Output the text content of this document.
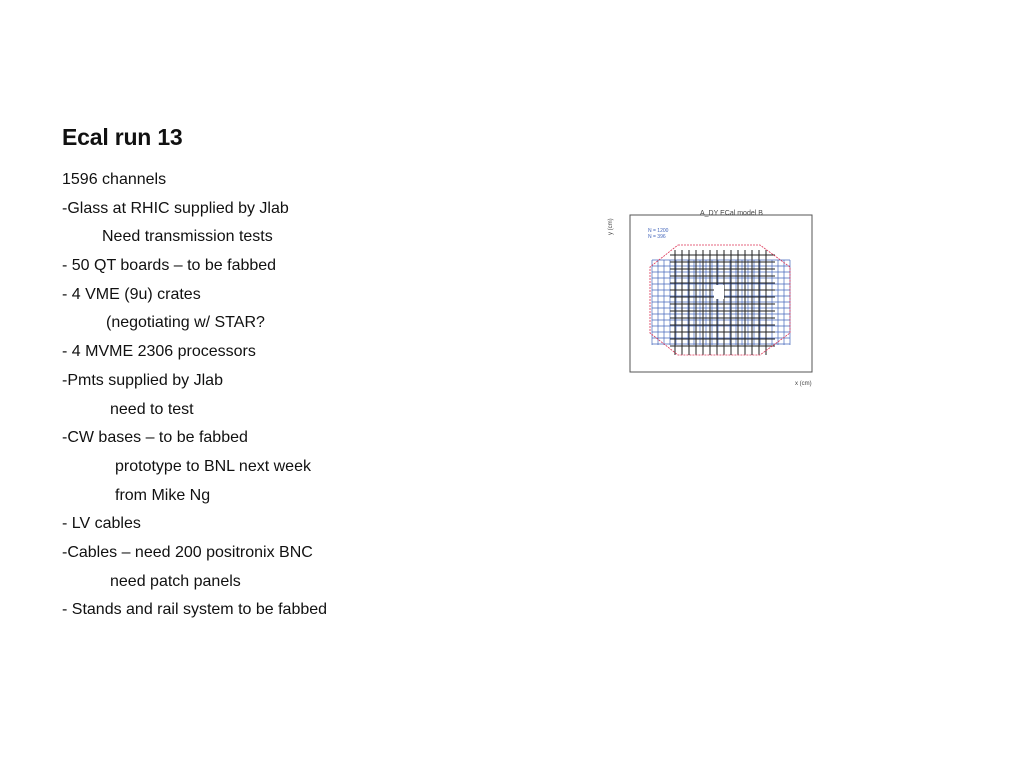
Ecal run 13
1596 channels
-Glass at RHIC supplied by Jlab
Need transmission tests
- 50 QT boards – to be fabbed
- 4 VME (9u) crates
(negotiating w/ STAR?
- 4 MVME 2306 processors
-Pmts supplied by Jlab
need to test
-CW bases – to be fabbed
prototype to BNL next week
from Mike Ng
- LV cables
-Cables – need 200 positronix BNC
need patch panels
- Stands and rail system to be fabbed
A_DY ECal model B
x (cm)
y (cm)	N = 1200
N = 396
